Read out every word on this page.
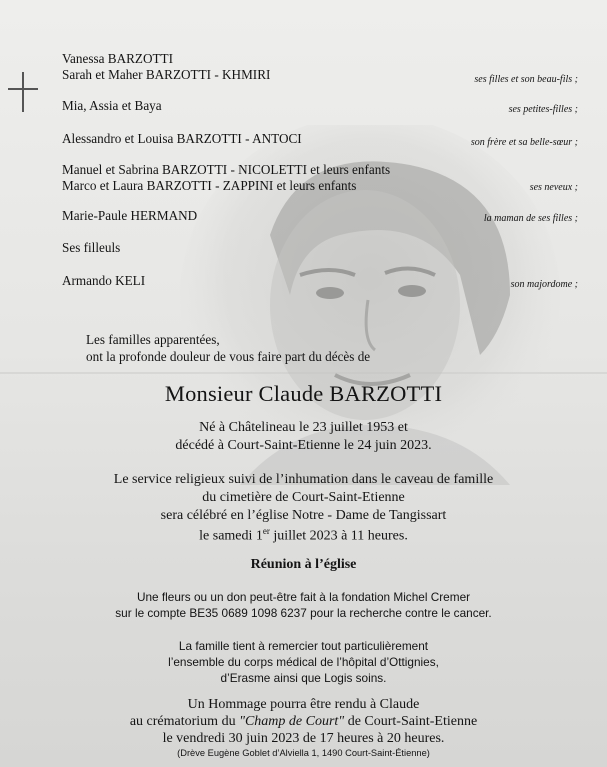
Vanessa BARZOTTI
Sarah et Maher BARZOTTI - KHMIRI	ses filles et son beau-fils ;
Mia, Assia et Baya	ses petites-filles ;
Alessandro et Louisa BARZOTTI - ANTOCI	son frère et sa belle-sœur ;
Manuel et Sabrina BARZOTTI - NICOLETTI et leurs enfants
Marco et Laura BARZOTTI - ZAPPINI et leurs enfants	ses neveux ;
Marie-Paule HERMAND	la maman de ses filles ;
Ses filleuls
Armando KELI	son majordome ;
Les familles apparentées,
ont la profonde douleur de vous faire part du décès de
Monsieur Claude BARZOTTI
Né à Châtelineau le 23 juillet 1953 et
décédé à Court-Saint-Etienne le 24 juin 2023.
Le service religieux suivi de l’inhumation dans le caveau de famille
du cimetière de Court-Saint-Etienne
sera célébré en l’église Notre - Dame de Tangissart
le samedi 1er juillet 2023 à 11 heures.
Réunion à l’église
Une fleurs ou un don peut-être fait à la fondation Michel Cremer
sur le compte BE35 0689 1098 6237 pour la recherche contre le cancer.
La famille tient à remercier tout particulièrement
l’ensemble du corps médical de l’hôpital d’Ottignies,
d’Erasme ainsi que Logis soins.
Un Hommage pourra être rendu à Claude
au crématorium du "Champ de Court" de Court-Saint-Etienne
le vendredi 30 juin 2023 de 17 heures à 20 heures.
(Drève Eugène Goblet d’Alviella 1, 1490 Court-Saint-Étienne)
